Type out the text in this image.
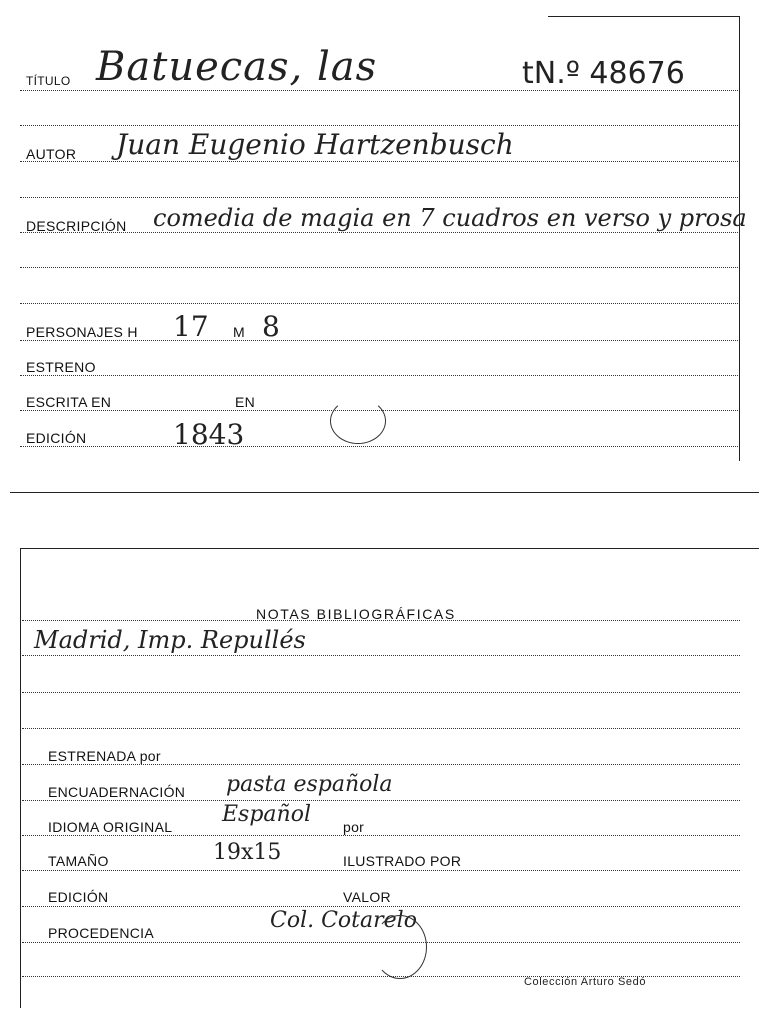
TÍTULO Batuecas, las	tN.º 48676
AUTOR Juan Eugenio Hartzenbusch
DESCRIPCIÓN comedia de magia en 7 cuadros en verso y prosa
PERSONAJES H 17 M 8
ESTRENO
ESCRITA EN	EN
EDICIÓN	1843
NOTAS BIBLIOGRÁFICAS
Madrid, Imp. Repullés
ESTRENADA por
ENCUADERNACIÓN pasta española
IDIOMA ORIGINAL Español por
TAMAÑO	19x15	ILUSTRADO POR
EDICIÓN	VALOR
PROCEDENCIA	Col. Cotarelo
Colección Arturo Sedó
